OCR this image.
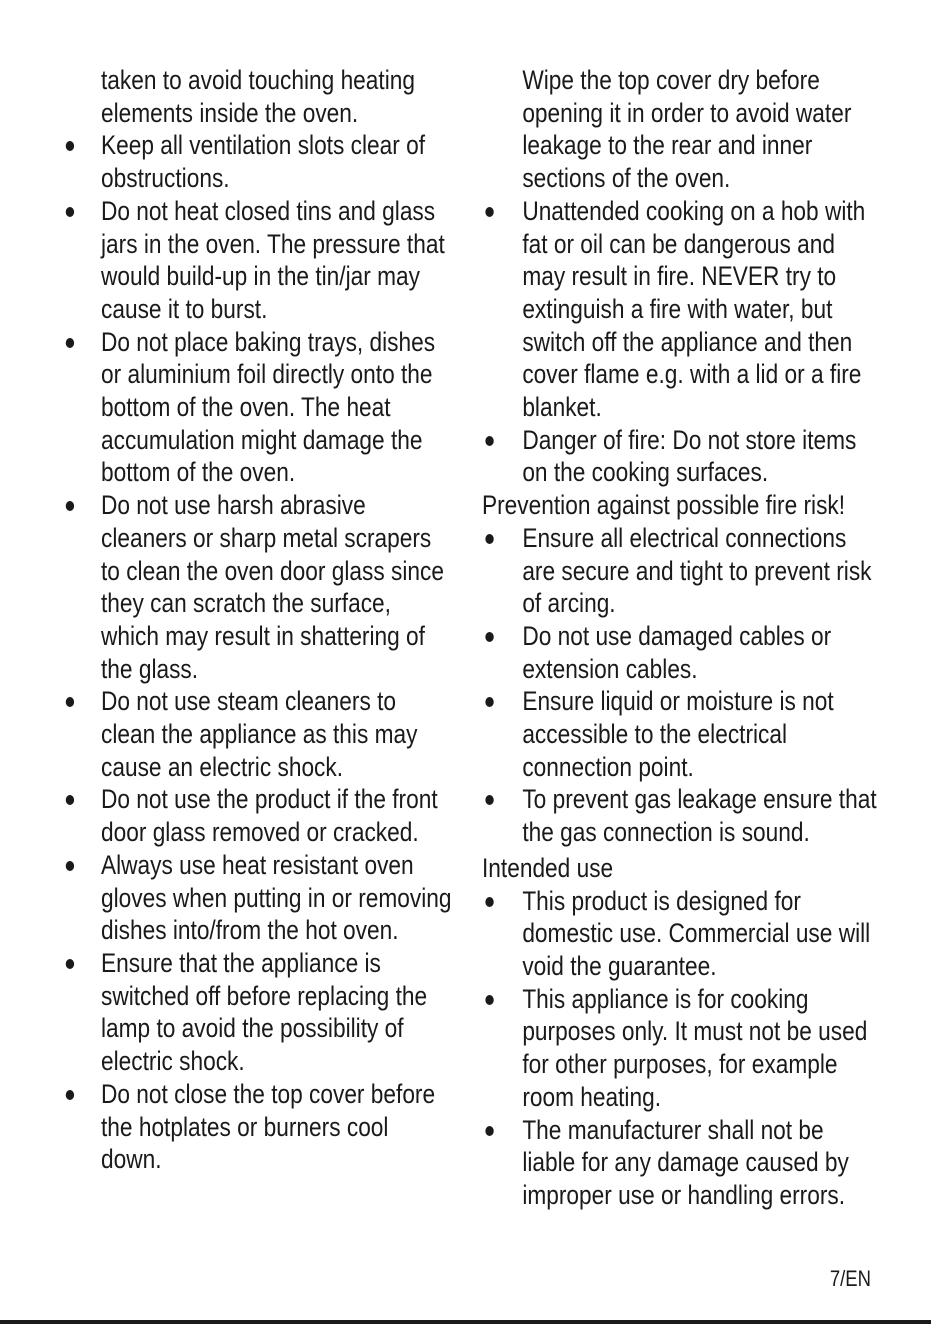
taken to avoid touching heating elements inside the oven.
Keep all ventilation slots clear of obstructions.
Do not heat closed tins and glass jars in the oven. The pressure that would build-up in the tin/jar may cause it to burst.
Do not place baking trays, dishes or aluminium foil directly onto the bottom of the oven. The heat accumulation might damage the bottom of the oven.
Do not use harsh abrasive cleaners or sharp metal scrapers to clean the oven door glass since they can scratch the surface, which may result in shattering of the glass.
Do not use steam cleaners to clean the appliance as this may cause an electric shock.
Do not use the product if the front door glass removed or cracked.
Always use heat resistant oven gloves when putting in or removing dishes into/from the hot oven.
Ensure that the appliance is switched off before replacing the lamp to avoid the possibility of electric shock.
Do not close the top cover before the hotplates or burners cool down.
Wipe the top cover dry before opening it in order to avoid water leakage to the rear and inner sections of the oven.
Unattended cooking on a hob with fat or oil can be dangerous and may result in fire. NEVER try to extinguish a fire with water, but switch off the appliance and then cover flame e.g. with a lid or a fire blanket.
Danger of fire: Do not store items on the cooking surfaces.
Prevention against possible fire risk!
Ensure all electrical connections are secure and tight to prevent risk of arcing.
Do not use damaged cables or extension cables.
Ensure liquid or moisture is not accessible to the electrical connection point.
To prevent gas leakage ensure that the gas connection is sound.
Intended use
This product is designed for domestic use. Commercial use will void the guarantee.
This appliance is for cooking purposes only. It must not be used for other purposes, for example room heating.
The manufacturer shall not be liable for any damage caused by improper use or handling errors.
7/EN
